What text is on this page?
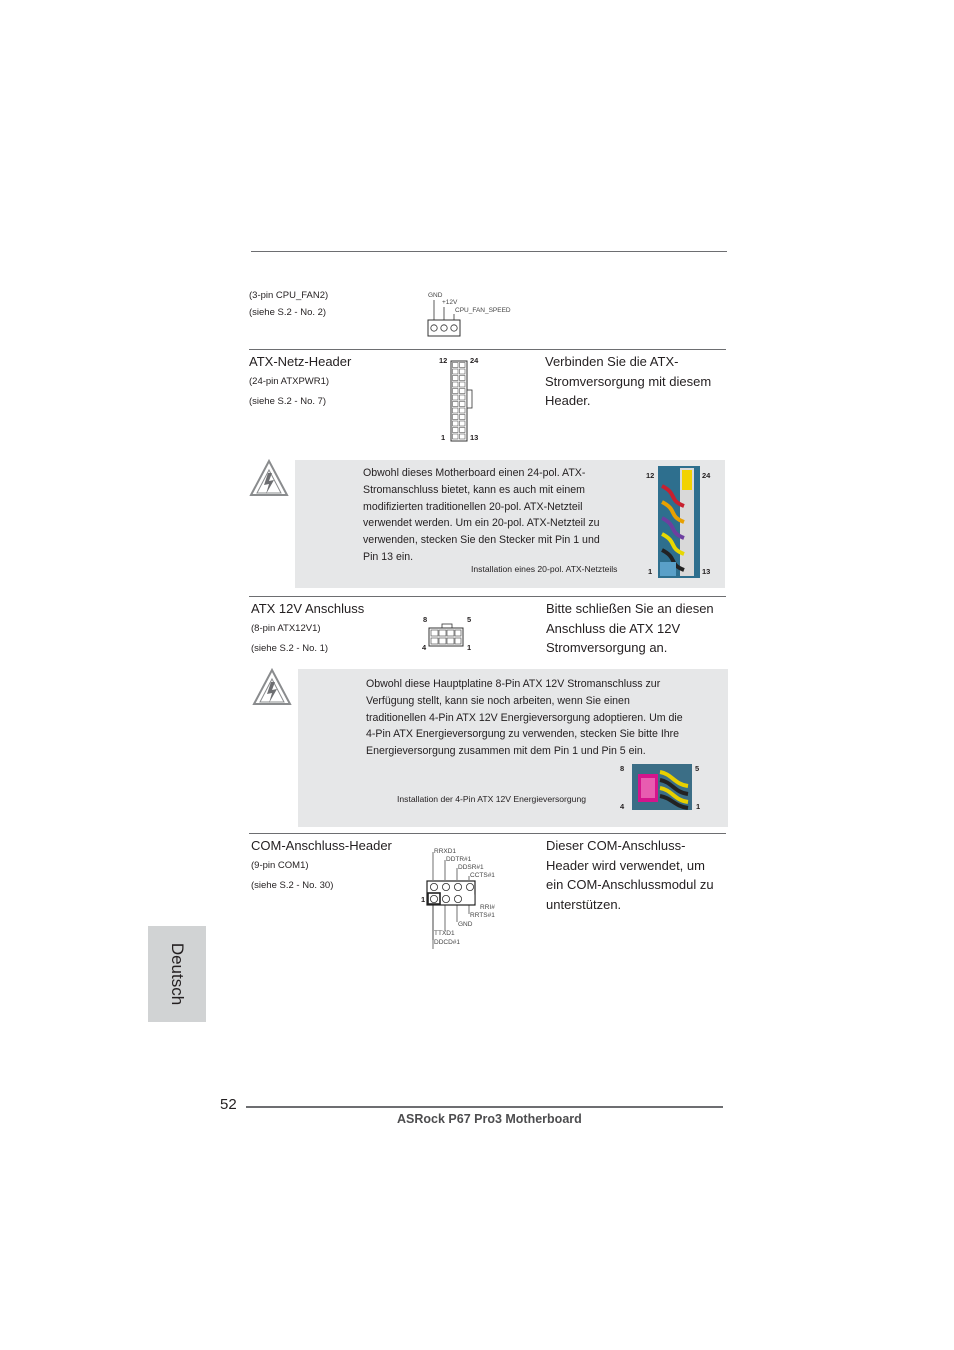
(3-pin CPU_FAN2)
(siehe S.2 - No. 2)
GND
+12V
CPU_FAN_SPEED
ATX-Netz-Header
(24-pin ATXPWR1)
(siehe S.2 - No. 7)
Verbinden Sie die ATX-
Stromversorgung mit diesem
Header.
12	24
1	13
Obwohl dieses Motherboard einen 24-pol. ATX-
Stromanschluss bietet, kann es auch mit einem
modifizierten traditionellen 20-pol. ATX-Netzteil
verwendet werden. Um ein 20-pol. ATX-Netzteil zu
verwenden, stecken Sie den Stecker mit Pin 1 und
Pin 13 ein.
Installation eines 20-pol. ATX-Netzteils
12	24
1	13
ATX 12V Anschluss
(8-pin ATX12V1)
(siehe S.2 - No. 1)
Bitte schließen Sie an diesen
Anschluss die ATX 12V
Stromversorgung an.
8	5
4	1
Obwohl diese Hauptplatine 8-Pin ATX 12V Stromanschluss zur
Verfügung stellt, kann sie noch arbeiten, wenn Sie einen
traditionellen 4-Pin ATX 12V Energieversorgung adoptieren. Um die
4-Pin ATX Energieversorgung zu verwenden, stecken Sie bitte Ihre
Energieversorgung zusammen mit dem Pin 1 und Pin 5 ein.
Installation der 4-Pin ATX 12V Energieversorgung
8	5
4	1
COM-Anschluss-Header
(9-pin COM1)
(siehe S.2 - No. 30)
Dieser COM-Anschluss-
Header wird verwendet, um
ein COM-Anschlussmodul zu
unterstützen.
1
RRXD1
DDTR#1
DDSR#1
CCTS#1
RRI#
RRTS#1
GND
TTXD1
DDCD#1
Deutsch
52
ASRock P67 Pro3 Motherboard
